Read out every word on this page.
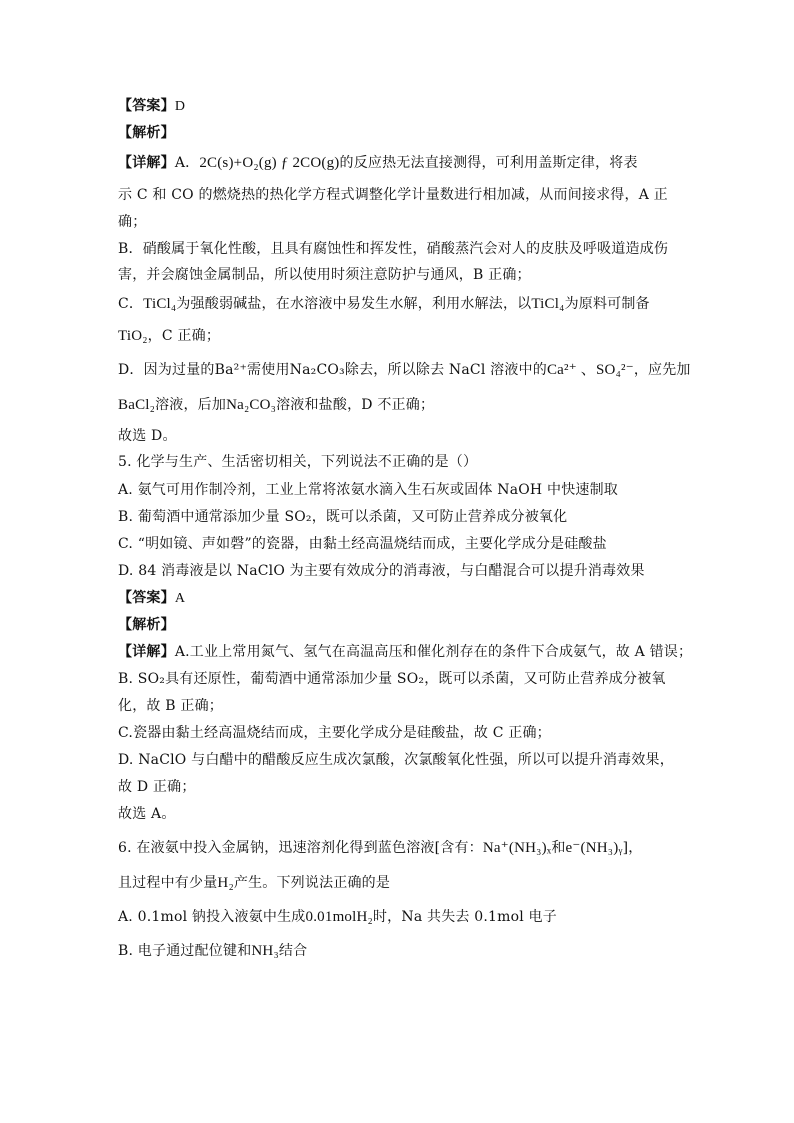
【答案】D
【解析】
【详解】A．2C(s)+O₂(g) ƒ 2CO(g)的反应热无法直接测得，可利用盖斯定律，将表
示 C 和 CO 的燃烧热的热化学方程式调整化学计量数进行相加减，从而间接求得，A 正
确；
B．硝酸属于氧化性酸，且具有腐蚀性和挥发性，硝酸蒸汽会对人的皮肤及呼吸道造成伤
害，并会腐蚀金属制品，所以使用时须注意防护与通风，B 正确；
C．TiCl₄为强酸弱碱盐，在水溶液中易发生水解，利用水解法，以TiCl₄为原料可制备
TiO₂，C 正确；
D．因为过量的Ba²⁺需使用Na₂CO₃除去，所以除去 NaCl 溶液中的Ca²⁺ 、SO₄²⁻，应先加
BaCl₂溶液，后加Na₂CO₃溶液和盐酸，D 不正确；
故选 D。
5. 化学与生产、生活密切相关，下列说法不正确的是（）
A. 氨气可用作制冷剂，工业上常将浓氨水滴入生石灰或固体 NaOH 中快速制取
B. 葡萄酒中通常添加少量 SO₂，既可以杀菌，又可防止营养成分被氧化
C. “明如镜、声如磬”的瓷器，由黏土经高温烧结而成，主要化学成分是硅酸盐
D. 84 消毒液是以 NaClO 为主要有效成分的消毒液，与白醋混合可以提升消毒效果
【答案】A
【解析】
【详解】A.工业上常用氮气、氢气在高温高压和催化剂存在的条件下合成氨气，故 A 错误；
B. SO₂具有还原性，葡萄酒中通常添加少量 SO₂，既可以杀菌，又可防止营养成分被氧
化，故 B 正确；
C.瓷器由黏土经高温烧结而成，主要化学成分是硅酸盐，故 C 正确；
D. NaClO 与白醋中的醋酸反应生成次氯酸，次氯酸氧化性强，所以可以提升消毒效果，
故 D 正确；
故选 A。
6. 在液氨中投入金属钠，迅速溶剂化得到蓝色溶液[含有：Na⁺(NH₃)ₓ和e⁻(NH₃)ᵧ]，
且过程中有少量H₂产生。下列说法正确的是
A. 0.1mol 钠投入液氨中生成0.01molH₂时，Na 共失去 0.1mol 电子
B. 电子通过配位键和NH₃结合
